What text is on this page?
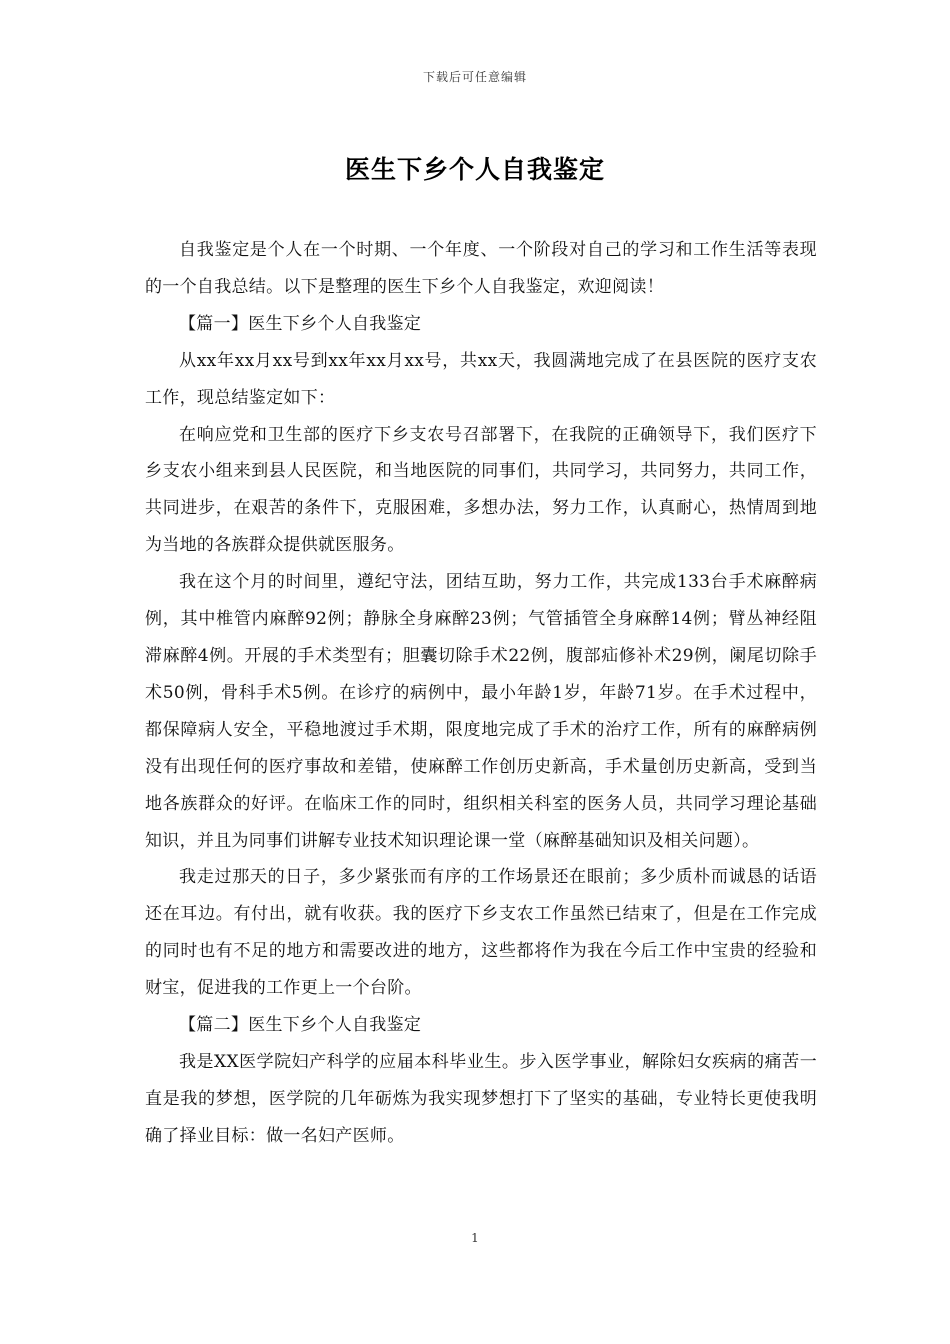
下载后可任意编辑
医生下乡个人自我鉴定

自我鉴定是个人在一个时期、一个年度、一个阶段对自己的学习和工作生活等表现的一个自我总结。以下是整理的医生下乡个人自我鉴定，欢迎阅读！

【篇一】医生下乡个人自我鉴定

从xx年xx月xx号到xx年xx月xx号，共xx天，我圆满地完成了在县医院的医疗支农工作，现总结鉴定如下：

在响应党和卫生部的医疗下乡支农号召部署下，在我院的正确领导下，我们医疗下乡支农小组来到县人民医院，和当地医院的同事们，共同学习，共同努力，共同工作，共同进步，在艰苦的条件下，克服困难，多想办法，努力工作，认真耐心，热情周到地为当地的各族群众提供就医服务。

我在这个月的时间里，遵纪守法，团结互助，努力工作，共完成133台手术麻醉病例，其中椎管内麻醉92例；静脉全身麻醉23例；气管插管全身麻醉14例；臂丛神经阻滞麻醉4例。开展的手术类型有；胆囊切除手术22例，腹部疝修补术29例，阑尾切除手术50例，骨科手术5例。在诊疗的病例中，最小年龄1岁，年龄71岁。在手术过程中，都保障病人安全，平稳地渡过手术期，限度地完成了手术的治疗工作，所有的麻醉病例没有出现任何的医疗事故和差错，使麻醉工作创历史新高，手术量创历史新高，受到当地各族群众的好评。在临床工作的同时，组织相关科室的医务人员，共同学习理论基础知识，并且为同事们讲解专业技术知识理论课一堂（麻醉基础知识及相关问题）。

我走过那天的日子，多少紧张而有序的工作场景还在眼前；多少质朴而诚恳的话语还在耳边。有付出，就有收获。我的医疗下乡支农工作虽然已结束了，但是在工作完成的同时也有不足的地方和需要改进的地方，这些都将作为我在今后工作中宝贵的经验和财宝，促进我的工作更上一个台阶。

【篇二】医生下乡个人自我鉴定

我是XX医学院妇产科学的应届本科毕业生。步入医学事业，解除妇女疾病的痛苦一直是我的梦想，医学院的几年砺炼为我实现梦想打下了坚实的基础，专业特长更使我明确了择业目标：做一名妇产医师。

1
